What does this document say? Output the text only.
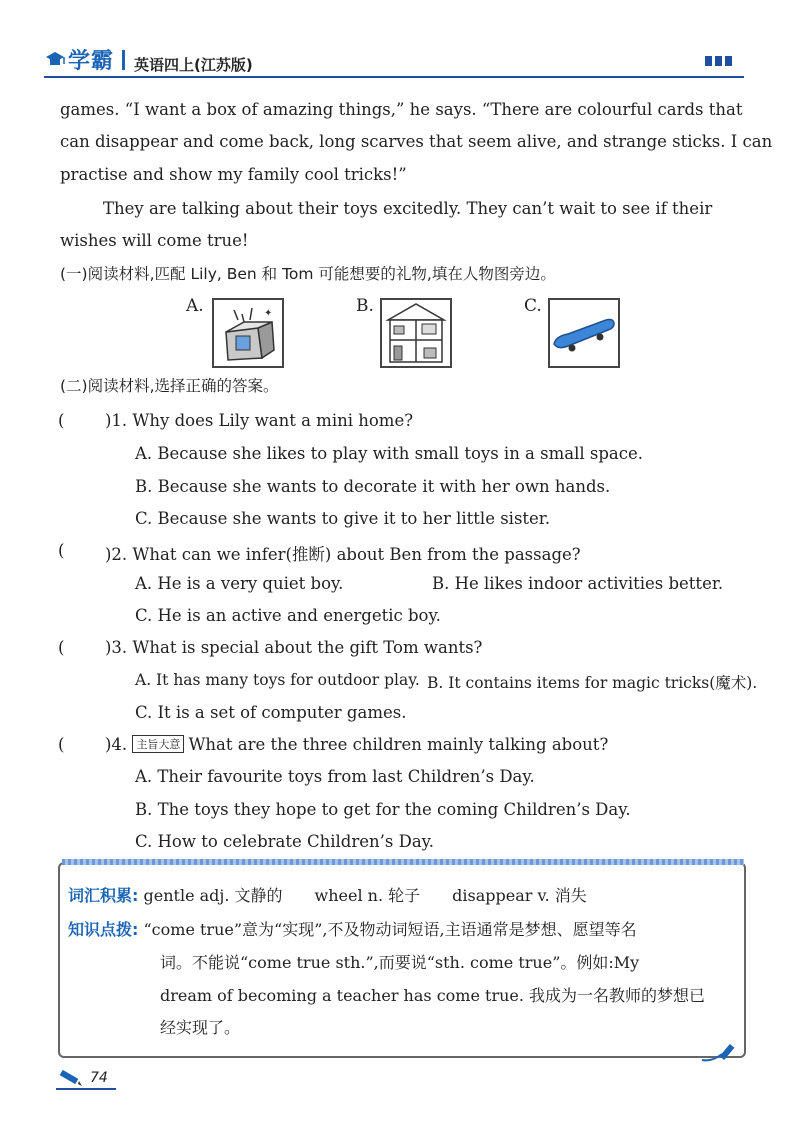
学霸 英语四上(江苏版)
games. “I want a box of amazing things,” he says. “There are colourful cards that
can disappear and come back, long scarves that seem alive, and strange sticks. I can
practise and show my family cool tricks!”
They are talking about their toys excitedly. They can’t wait to see if their
wishes will come true!
(一)阅读材料,匹配 Lily, Ben 和 Tom 可能想要的礼物,填在人物图旁边。
A.	✦	B.	C.
(二)阅读材料,选择正确的答案。
( )1. Why does Lily want a mini home?
A. Because she likes to play with small toys in a small space.
B. Because she wants to decorate it with her own hands.
C. Because she wants to give it to her little sister.
( )2. What can we infer(推断) about Ben from the passage?
A. He is a very quiet boy.	B. He likes indoor activities better.
C. He is an active and energetic boy.
( )3. What is special about the gift Tom wants?
A. It has many toys for outdoor play. B. It contains items for magic tricks(魔术).
C. It is a set of computer games.
( )4. 主旨大意 What are the three children mainly talking about?
A. Their favourite toys from last Children’s Day.
B. The toys they hope to get for the coming Children’s Day.
C. How to celebrate Children’s Day.
词汇积累: gentle adj. 文静的　　wheel n. 轮子　　disappear v. 消失
知识点拨: “come true”意为“实现”,不及物动词短语,主语通常是梦想、愿望等名
词。不能说“come true sth.”,而要说“sth. come true”。例如:My
dream of becoming a teacher has come true. 我成为一名教师的梦想已
经实现了。
74
